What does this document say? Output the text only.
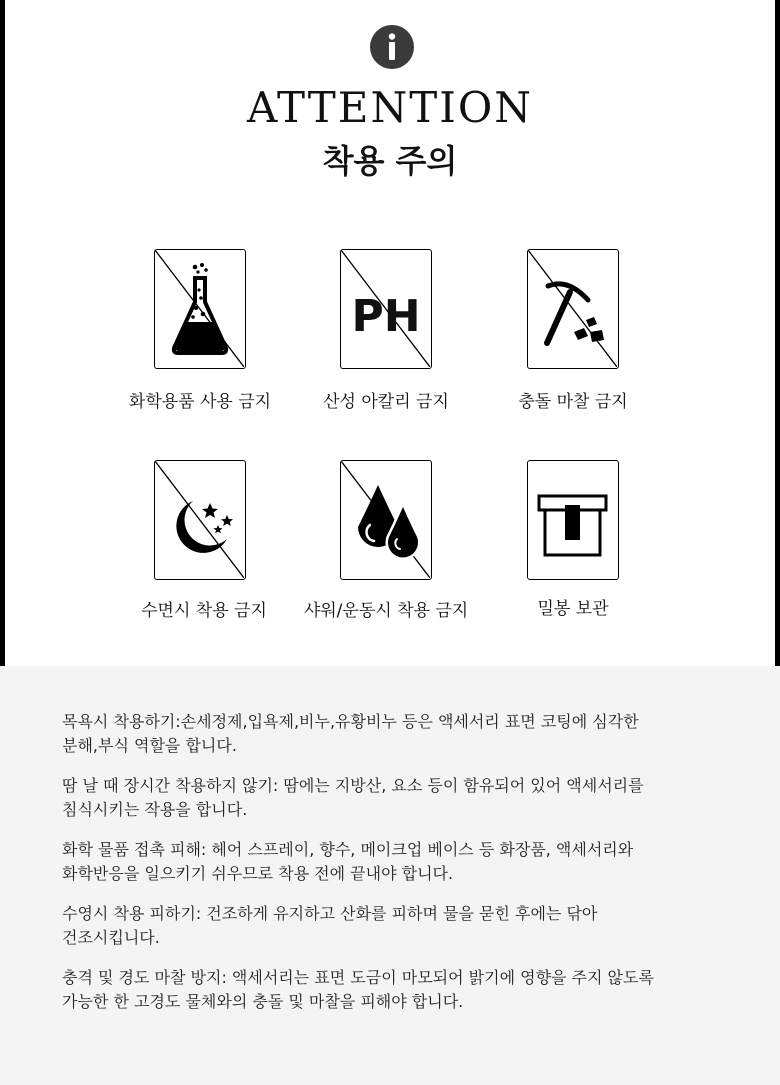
ATTENTION
착용 주의
화학용품 사용 금지
PH
산성 아칼리 금지	충돌 마찰 금지
수면시 착용 금지	샤워/운동시 착용 금지	밀봉 보관
목욕시 착용하기:손세정제,입욕제,비누,유황비누 등은 액세서리 표면 코팅에 심각한
분해,부식 역할을 합니다.
땀 날 때 장시간 착용하지 않기: 땀에는 지방산, 요소 등이 함유되어 있어 액세서리를
침식시키는 작용을 합니다.
화학 물품 접촉 피해: 헤어 스프레이, 향수, 메이크업 베이스 등 화장품, 액세서리와
화학반응을 일으키기 쉬우므로 착용 전에 끝내야 합니다.
수영시 착용 피하기: 건조하게 유지하고 산화를 피하며 물을 묻힌 후에는 닦아
건조시킵니다.
충격 및 경도 마찰 방지: 액세서리는 표면 도금이 마모되어 밝기에 영향을 주지 않도록
가능한 한 고경도 물체와의 충돌 및 마찰을 피해야 합니다.
